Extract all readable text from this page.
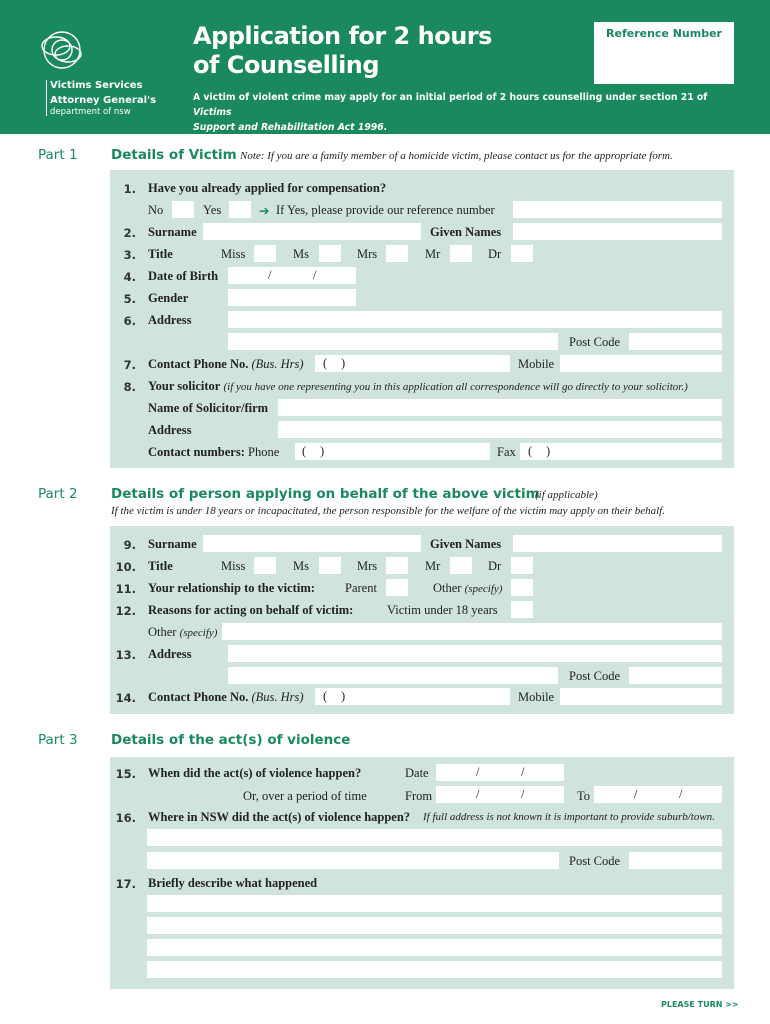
Victims Services
Attorney General's
department of nsw
Application for 2 hours
of Counselling
A victim of violent crime may apply for an initial period of 2 hours counselling under section 21 of Victims
Support and Rehabilitation Act 1996.
Reference Number
Part 1 Details of Victim Note: If you are a family member of a homicide victim, please contact us for the appropriate form.
1. Have you already applied for compensation?
No	Yes	➔ If Yes, please provide our reference number
2. Surname	Given Names
3. Title	Miss	Ms	Mrs	Mr	Dr
4. Date of Birth	/	/
5. Gender
6. Address
Post Code
7. Contact Phone No. (Bus. Hrs) ( )	Mobile
8. Your solicitor (if you have one representing you in this application all correspondence will go directly to your solicitor.)
Name of Solicitor/firm
Address
Contact numbers: Phone ( )	Fax ( )
Part 2 Details of person applying on behalf of the above victim
(if applicable)
If the victim is under 18 years or incapacitated, the person responsible for the welfare of the victim may apply on their behalf.
9. Surname	Given Names
10. Title	Miss	Ms	Mrs	Mr	Dr
11. Your relationship to the victim: Parent	Other (specify)
12. Reasons for acting on behalf of victim:	Victim under 18 years
Other (specify)
13. Address
Post Code
14. Contact Phone No. (Bus. Hrs) ( )	Mobile
Part 3 Details of the act(s) of violence
15. When did the act(s) of violence happen?	Date	/	/
Or, over a period of time	From	/	/	To	/	/
16. Where in NSW did the act(s) of violence happen? If full address is not known it is important to provide suburb/town.
Post Code
17. Briefly describe what happened
PLEASE TURN >>
